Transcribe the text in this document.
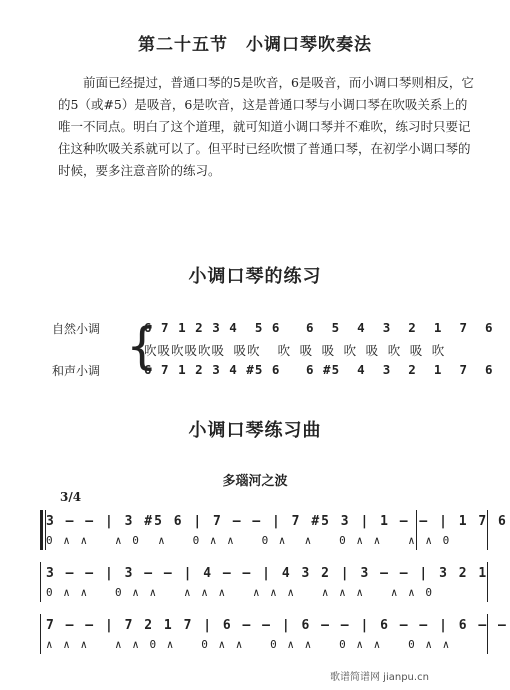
第二十五节　小调口琴吹奏法

前面已经提过，普通口琴的5是吹音，6是吸音，而小调口琴则相反，它的5（或#5）是吸音，6是吹音，这是普通口琴与小调口琴在吹吸关系上的唯一不同点。明白了这个道理，就可知道小调口琴并不难吹，练习时只要记住这种吹吸关系就可以了。但平时已经吹惯了普通口琴，在初学小调口琴的时候，要多注意音阶的练习。

小调口琴的练习
自然小调
和声小调 {
6 7 1 2 3 4  5 6   6  5  4  3  2  1  7  6
吹吸吹吸吹吸 吸吹  吹 吸 吸 吹 吸 吹 吸 吹
6 7 1 2 3 4 #5 6   6 #5  4  3  2  1  7  6
小调口琴练习曲
多瑙河之波
3/4
3 — — | 3 #5 6 | 7 — — | 7 #5 3 | 1 — — | 1 7 6
0 ∧ ∧   ∧ 0  ∧   0 ∧ ∧   0 ∧  ∧   0 ∧ ∧   ∧ ∧ 0
3 — — | 3 — — | 4 — — | 4 3 2 | 3 — — | 3 2 1
0 ∧ ∧   0 ∧ ∧   ∧ ∧ ∧   ∧ ∧ ∧   ∧ ∧ ∧   ∧ ∧ 0
7 — — | 7 2 1 7 | 6 — — | 6 — — | 6 — — | 6 — —
∧ ∧ ∧   ∧ ∧ 0 ∧   0 ∧ ∧   0 ∧ ∧   0 ∧ ∧   0 ∧ ∧
歌谱简谱网 jianpu.cn
